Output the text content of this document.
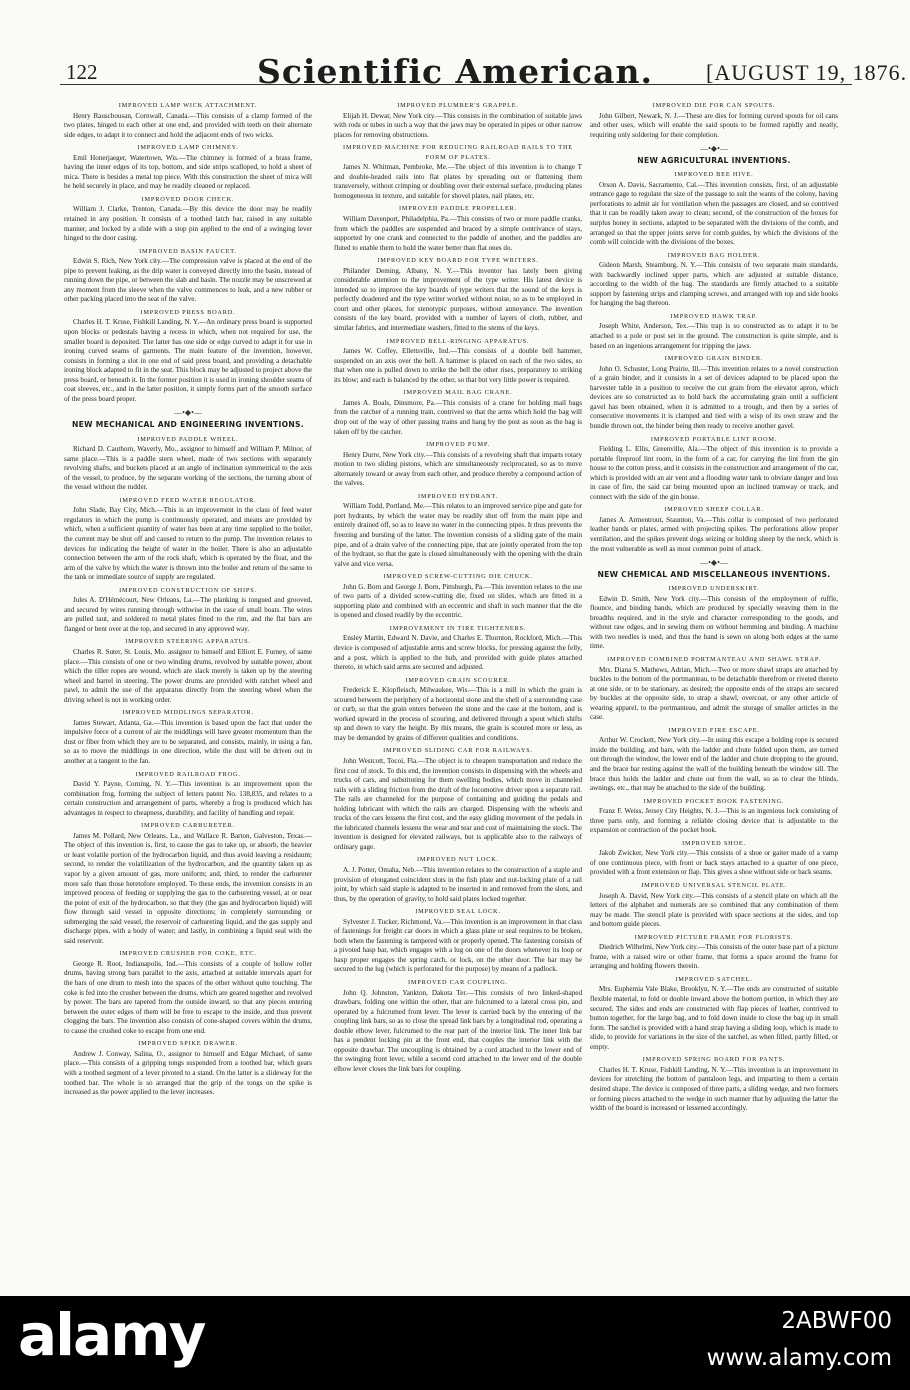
122	Scientific American.	[AUGUST 19, 1876.
IMPROVED LAMP WICK ATTACHMENT.
Henry Rauschousan, Cornwall, Canada.—This consists of a clamp formed of the two plates, hinged to each other at one end, and provided with teeth on their alternate side edges, to adapt it to connect and hold the adjacent ends of two wicks.
IMPROVED LAMP CHIMNEY.
Emil Honerjaeger, Watertown, Wis.—The chimney is formed of a brass frame, having the inner edges of its top, bottom, and side strips scalloped, to hold a sheet of mica. There is besides a metal top piece. With this construction the sheet of mica will be held securely in place, and may be readily cleaned or replaced.
IMPROVED DOOR CHECK.
William J. Clarke, Trenton, Canada.—By this device the door may be readily retained in any position. It consists of a toothed latch bar, raised in any suitable manner, and locked by a slide with a stop pin applied to the end of a swinging lever hinged to the door casing.
IMPROVED BASIN FAUCET.
Edwin S. Rich, New York city.—The compression valve is placed at the end of the pipe to prevent leaking, as the drip water is conveyed directly into the basin, instead of running down the pipe, or between the slab and basin. The nozzle may be unscrewed at any moment from the sleeve when the valve commences to leak, and a new rubber or other packing placed into the seat of the valve.
IMPROVED PRESS BOARD.
Charles H. T. Kruse, Fishkill Landing, N. Y.—An ordinary press board is supported upon blocks or pedestals having a recess in which, when not required for use, the smaller board is deposited. The latter has one side or edge curved to adapt it for use in ironing curved seams of garments. The main feature of the invention, however, consists in forming a slot in one end of said press board, and providing a detachable ironing block adapted to fit in the seat. This block may be adjusted to project above the press board, or beneath it. In the former position it is used in ironing shoulder seams of coat sleeves, etc., and in the latter position, it simply forms part of the smooth surface of the press board proper.
—•◆•—
NEW MECHANICAL AND ENGINEERING INVENTIONS.
IMPROVED PADDLE WHEEL.
Richard D. Cauthorn, Waverly, Mo., assignor to himself and William P. Milnor, of same place.—This is a paddle stern wheel, made of two sections with separately revolving shafts, and buckets placed at an angle of inclination symmetrical to the axis of the vessel, to produce, by the separate working of the sections, the turning about of the vessel without the rudder.
IMPROVED FEED WATER REGULATOR.
John Slade, Bay City, Mich.—This is an improvement in the class of feed water regulators in which the pump is continuously operated, and means are provided by which, when a sufficient quantity of water has been at any time supplied to the boiler, the current may be shut off and caused to return to the pump. The invention relates to devices for indicating the height of water in the boiler. There is also an adjustable connection between the arm of the rock shaft, which is operated by the float, and the arm of the valve by which the water is thrown into the boiler and return of the same to the tank or immediate source of supply are regulated.
IMPROVED CONSTRUCTION OF SHIPS.
Jules A. D'Hémécourt, New Orleans, La.—The planking is tongued and grooved, and secured by wires running through withwise in the case of small boats. The wires are pulled taut, and soldered to metal plates fitted to the rim, and the flat bars are flanged or bent over at the top, and secured in any approved way.
IMPROVED STEERING APPARATUS.
Charles R. Suter, St. Louis, Mo. assignor to himself and Elliott E. Furney, of same place.—This consists of one or two winding drums, revolved by suitable power, about which the tiller ropes are wound, which are slack merely is taken up by the steering wheel and barrel in steering. The power drums are provided with ratchet wheel and pawl, to admit the use of the apparatus directly from the steering wheel when the driving wheel is not in working order.
IMPROVED MIDDLINGS SEPARATOR.
James Stewart, Atlanta, Ga.—This invention is based upon the fact that under the impulsive force of a current of air the middlings will have greater momentum than the dust or fiber from which they are to be separated, and consists, mainly, in using a fan, so as to move the middlings in one direction, while the dust will be driven out in another at a tangent to the fan.
IMPROVED RAILROAD FROG.
David Y. Payne, Corning, N. Y.—This invention is an improvement upon the combination frog, forming the subject of letters patent No. 138,835, and relates to a certain construction and arrangement of parts, whereby a frog is produced which has advantages in respect to cheapness, durability, and facility of handling and repair.
IMPROVED CARBURETER.
James M. Pollard, New Orleans, La., and Wallace R. Barton, Galveston, Texas.—The object of this invention is, first, to cause the gas to take up, or absorb, the heavier or least volatile portion of the hydrocarbon liquid, and thus avoid leaving a residuum; second, to render the volatilization of the hydrocarbon, and the quantity taken up as vapor by a given amount of gas, more uniform; and, third, to render the carbureter more safe than those heretofore employed. To these ends, the invention consists in an improved process of feeding or supplying the gas to the carbureting vessel, at or near the point of exit of the hydrocarbon, so that they (the gas and hydrocarbon liquid) will flow through said vessel in opposite directions; in completely surrounding or submerging the said vessel, the reservoir of carbureting liquid, and the gas supply and discharge pipes, with a body of water; and lastly, in combining a liquid seal with the said reservoir.
IMPROVED CRUSHER FOR COKE, ETC.
George R. Root, Indianapolis, Ind.—This consists of a couple of hollow roller drums, having strong bars parallel to the axis, attached at suitable intervals apart for the bars of one drum to mesh into the spaces of the other without quite touching. The coke is fed into the crusher between the drums, which are geared together and revolved by power. The bars are tapered from the outside inward, so that any pieces entering between the outer edges of them will be free to escape to the inside, and thus prevent clogging the bars. The invention also consists of cone-shaped covers within the drums, to cause the crushed coke to escape from one end.
IMPROVED SPIKE DRAWER.
Andrew J. Conway, Salina, O., assignor to himself and Edgar Michael, of same place.—This consists of a gripping tongs suspended from a toothed bar, which gears with a toothed segment of a lever pivoted to a stand. On the latter is a slideway for the toothed bar. The whole is so arranged that the grip of the tongs on the spike is increased as the power applied to the lever increases.
IMPROVED PLUMBER'S GRAPPLE.
Elijah H. Dewar, New York city.—This consists in the combination of suitable jaws with rods or tubes in such a way that the jaws may be operated in pipes or other narrow places for removing obstructions.
IMPROVED MACHINE FOR REDUCING RAILROAD RAILS TO THE FORM OF PLATES.
James N. Whitman, Pembroke, Me.—The object of this invention is to change T and double-headed rails into flat plates by spreading out or flattening them transversely, without crimping or doubling over their external surface, producing plates homogeneous in texture, and suitable for shovel plates, nail plates, etc.
IMPROVED PADDLE PROPELLER.
William Davenport, Philadelphia, Pa.—This consists of two or more paddle cranks, from which the paddles are suspended and braced by a simple contrivance of stays, supported by one crank and connected to the paddle of another, and the paddles are fluted to enable them to hold the water better than flat ones do.
IMPROVED KEY BOARD FOR TYPE WRITERS.
Philander Deming, Albany, N. Y.—This inventor has lately been giving considerable attention to the improvement of the type writer. His latest device is intended so to improve the key boards of type writers that the sound of the keys is perfectly deadened and the type writer worked without noise, so as to be employed in court and other places, for stenotypic purposes, without annoyance. The invention consists of the key board, provided with a number of layers of cloth, rubber, and similar fabrics, and intermediate washers, fitted to the stems of the keys.
IMPROVED BELL-RINGING APPARATUS.
James W. Coffey, Ellettsville, Ind.—This consists of a double bell hammer, suspended on an axis over the bell. A hammer is placed on each of the two sides, so that when one is pulled down to strike the bell the other rises, preparatory to striking its blow; and each is balanced by the other, so that but very little power is required.
IMPROVED MAIL BAG CRANE.
James A. Boals, Dinsmore, Pa.—This consists of a crane for holding mail bags from the catcher of a running train, contrived so that the arms which hold the bag will drop out of the way of other passing trains and hang by the post as soon as the bag is taken off by the catcher.
IMPROVED PUMP.
Henry Durre, New York city.—This consists of a revolving shaft that imparts rotary motion to two sliding pistons, which are simultaneously reciprocated, so as to move alternately toward or away from each other, and produce thereby a compound action of the valves.
IMPROVED HYDRANT.
William Todd, Portland, Me.—This relates to an improved service pipe and gate for port hydrants, by which the water may be readily shut off from the main pipe and entirely drained off, so as to leave no water in the connecting pipes. It thus prevents the freezing and bursting of the latter. The invention consists of a sliding gate of the main pipe, and of a drain valve of the connecting pipe, that are jointly operated from the top of the hydrant, so that the gate is closed simultaneously with the opening with the drain valve and vice versa.
IMPROVED SCREW-CUTTING DIE CHUCK.
John G. Born and George J. Born, Pittsburgh, Pa.—This invention relates to the use of two parts of a divided screw-cutting die, fixed on slides, which are fitted in a supporting plate and combined with an eccentric and shaft in such manner that the die is opened and closed readily by the eccentric.
IMPROVEMENT IN TIRE TIGHTENERS.
Ensley Martin, Edward N. Davie, and Charles E. Thornton, Rockford, Mich.—This device is composed of adjustable arms and screw blocks, for pressing against the felly, and a post, which is applied to the hub, and provided with guide plates attached thereto, in which said arms are secured and adjusted.
IMPROVED GRAIN SCOURER.
Frederick E. Klopfleisch, Milwaukee, Wis.—This is a mill in which the grain is scoured between the periphery of a horizontal stone and the shell of a surrounding case or curb, so that the grain enters between the stone and the case at the bottom, and is worked upward in the process of scouring, and delivered through a spout which shifts up and down to vary the height. By this means, the grain is scoured more or less, as may be demanded by grains of different qualities and conditions.
IMPROVED SLIDING CAR FOR RAILWAYS.
John Westcott, Tocoi, Fla.—The object is to cheapen transportation and reduce the first cost of stock. To this end, the invention consists in dispensing with the wheels and trucks of cars, and substituting for them swelling bodies, which move in channeled rails with a sliding friction from the draft of the locomotive driver upon a separate rail. The rails are channeled for the purpose of containing and guiding the pedals and holding lubricant with which the rails are charged. Dispensing with the wheels and trucks of the cars lessens the first cost, and the easy gliding movement of the pedals in the lubricated channels lessens the wear and tear and cost of maintaining the stock. The invention is designed for elevated railways, but is applicable also to the railways of ordinary gage.
IMPROVED NUT LOCK.
A. J. Potter, Omaha, Neb.—This invention relates to the construction of a staple and provision of elongated coincident slots in the fish plate and nut-locking plate of a rail joint, by which said staple is adapted to be inserted in and removed from the slots, and thus, by the operation of gravity, to hold said plates locked together.
IMPROVED SEAL LOCK.
Sylvester J. Tucker, Richmond, Va.—This invention is an improvement in that class of fastenings for freight car doors in which a glass plate or seal requires to be broken, both when the fastening is tampered with or properly opened. The fastening consists of a pivoted hasp bar, which engages with a lug on one of the doors whenever its loop or hasp proper engages the spring catch, or lock, on the other door. The bar may be secured to the lug (which is perforated for the purpose) by means of a padlock.
IMPROVED CAR COUPLING.
John Q. Johnston, Yankton, Dakota Ter.—This consists of two linked-shaped drawbars, folding one within the other, that are fulcrumed to a lateral cross pin, and operated by a fulcrumed front lever. The lever is carried back by the entering of the coupling link bars, so as to close the spread link bars by a longitudinal rod, operating a double elbow lever, fulcrumed to the rear part of the interior link. The inner link bar has a pendent locking pin at the front end, that couples the interior link with the opposite drawbar. The uncoupling is obtained by a cord attached to the lower end of the swinging front lever, while a second cord attached to the lower end of the double elbow lever closes the link bars for coupling.
IMPROVED DIE FOR CAN SPOUTS.
John Gilbert, Newark, N. J.—These are dies for forming curved spouts for oil cans and other uses, which will enable the said spouts to be formed rapidly and neatly, requiring only soldering for their completion.
—•◆•—
NEW AGRICULTURAL INVENTIONS.
IMPROVED BEE HIVE.
Orson A. Davis, Sacramento, Cal.—This invention consists, first, of an adjustable entrance gage to regulate the size of the passage to suit the wants of the colony, having perforations to admit air for ventilation when the passages are closed, and so contrived that it can be readily taken away to clean; second, of the construction of the boxes for surplus honey in sections, adapted to be separated with the divisions of the comb, and arranged so that the upper joints serve for comb guides, by which the divisions of the comb will coincide with the divisions of the boxes.
IMPROVED BAG HOLDER.
Gideon Marsh, Steamburg, N. Y.—This consists of two separate main standards, with backwardly inclined upper parts, which are adjusted at suitable distance, according to the width of the bag. The standards are firmly attached to a suitable support by fastening strips and clamping screws, and arranged with top and side hooks for hanging the bag thereon.
IMPROVED HAWK TRAP.
Joseph White, Anderson, Tex.—This trap is so constructed as to adapt it to be attached to a pole or post set in the ground. The construction is quite simple, and is based on an ingenious arrangement for tripping the jaws.
IMPROVED GRAIN BINDER.
John O. Schuster, Long Prairie, Ill.—This invention relates to a novel construction of a grain binder, and it consists in a set of devices adapted to be placed upon the harvester table in a position to receive the cut grain from the elevator apron, which devices are so constructed as to hold back the accumulating grain until a sufficient gavel has been obtained, when it is admitted to a trough, and then by a series of consecutive movements it is clamped and tied with a wisp of its own straw and the bundle thrown out, the binder being then ready to receive another gavel.
IMPROVED PORTABLE LINT ROOM.
Fielding L. Ellis, Greenville, Ala.—The object of this invention is to provide a portable fireproof lint room, in the form of a car, for carrying the lint from the gin house to the cotton press, and it consists in the construction and arrangement of the car, which is provided with an air vent and a flooding water tank to obviate danger and loss in case of fire, the said car being mounted upon an inclined tramway or track, and connect with the side of the gin house.
IMPROVED SHEEP COLLAR.
James A. Armentrout, Staunton, Va.—This collar is composed of two perforated leather bands or plates, armed with projecting spikes. The perforations allow proper ventilation, and the spikes prevent dogs seizing or holding sheep by the neck, which is the most vulnerable as well as most common point of attack.
—•◆•—
NEW CHEMICAL AND MISCELLANEOUS INVENTIONS.
IMPROVED UNDERSKIRT.
Edwin D. Smith, New York city.—This consists of the employment of ruffle, flounce, and binding bands, which are produced by specially weaving them in the breadths required, and in the style and character corresponding to the goods, and without raw edges, and in sewing them on without hemming and binding. A machine with two needles is used, and thus the band is sewn on along both edges at the same time.
IMPROVED COMBINED PORTMANTEAU AND SHAWL STRAP.
Mrs. Diana S. Mathews, Adrian, Mich.—Two or more shawl straps are attached by buckles to the bottom of the portmanteau, to be detachable therefrom or riveted thereto at one side, or to be stationary, as desired; the opposite ends of the straps are secured by buckles at the opposite side, to strap a shawl, overcoat, or any other article of wearing apparel, to the portmanteau, and admit the storage of smaller articles in the case.
IMPROVED FIRE ESCAPE.
Arthur W. Crockett, New York city.—In using this escape a holding rope is secured inside the building, and bars, with the ladder and chute folded upon them, are turned out through the window, the lower end of the ladder and chute dropping to the ground, and the brace bar resting against the wall of the building beneath the window sill. The brace thus holds the ladder and chute out from the wall, so as to clear the blinds, awnings, etc., that may be attached to the side of the building.
IMPROVED POCKET BOOK FASTENING.
Franz F. Weiss, Jersey City Heights, N. J.—This is an ingenious lock consisting of three parts only, and forming a reliable closing device that is adjustable to the expansion or contraction of the pocket book.
IMPROVED SHOE.
Jakob Zwicker, New York city.—This consists of a shoe or gaiter made of a vamp of one continuous piece, with front or back stays attached to a quarter of one piece, provided with a front extension or flap. This gives a shoe without side or back seams.
IMPROVED UNIVERSAL STENCIL PLATE.
Joseph A. David, New York city.—This consists of a stencil plate on which all the letters of the alphabet and numerals are so combined that any combination of them may be made. The stencil plate is provided with space sections at the sides, and top and bottom guide pieces.
IMPROVED PICTURE FRAME FOR FLORISTS.
Diedrich Wilhelmi, New York city.—This consists of the outer base part of a picture frame, with a raised wire or other frame, that forms a space around the frame for arranging and holding flowers therein.
IMPROVED SATCHEL.
Mrs. Euphemia Vale Blake, Brooklyn, N. Y.—The ends are constructed of suitable flexible material, to fold or double inward above the bottom portion, in which they are secured. The sides and ends are constructed with flap pieces of leather, contrived to button together, for the large bag, and to fold down inside to close the bag up in small form. The satchel is provided with a hand strap having a sliding loop, which is made to slide, to provide for variations in the size of the satchel, as when filled, partly filled, or empty.
IMPROVED SPRING BOARD FOR PANTS.
Charles H. T. Kruse, Fishkill Landing, N. Y.—This invention is an improvement in devices for stretching the bottom of pantaloon legs, and imparting to them a certain desired shape. The device is composed of three parts, a sliding wedge, and two formers or forming pieces attached to the wedge in such manner that by adjusting the latter the width of the board is increased or lessened accordingly.
alamy	2ABWF00
www.alamy.com
